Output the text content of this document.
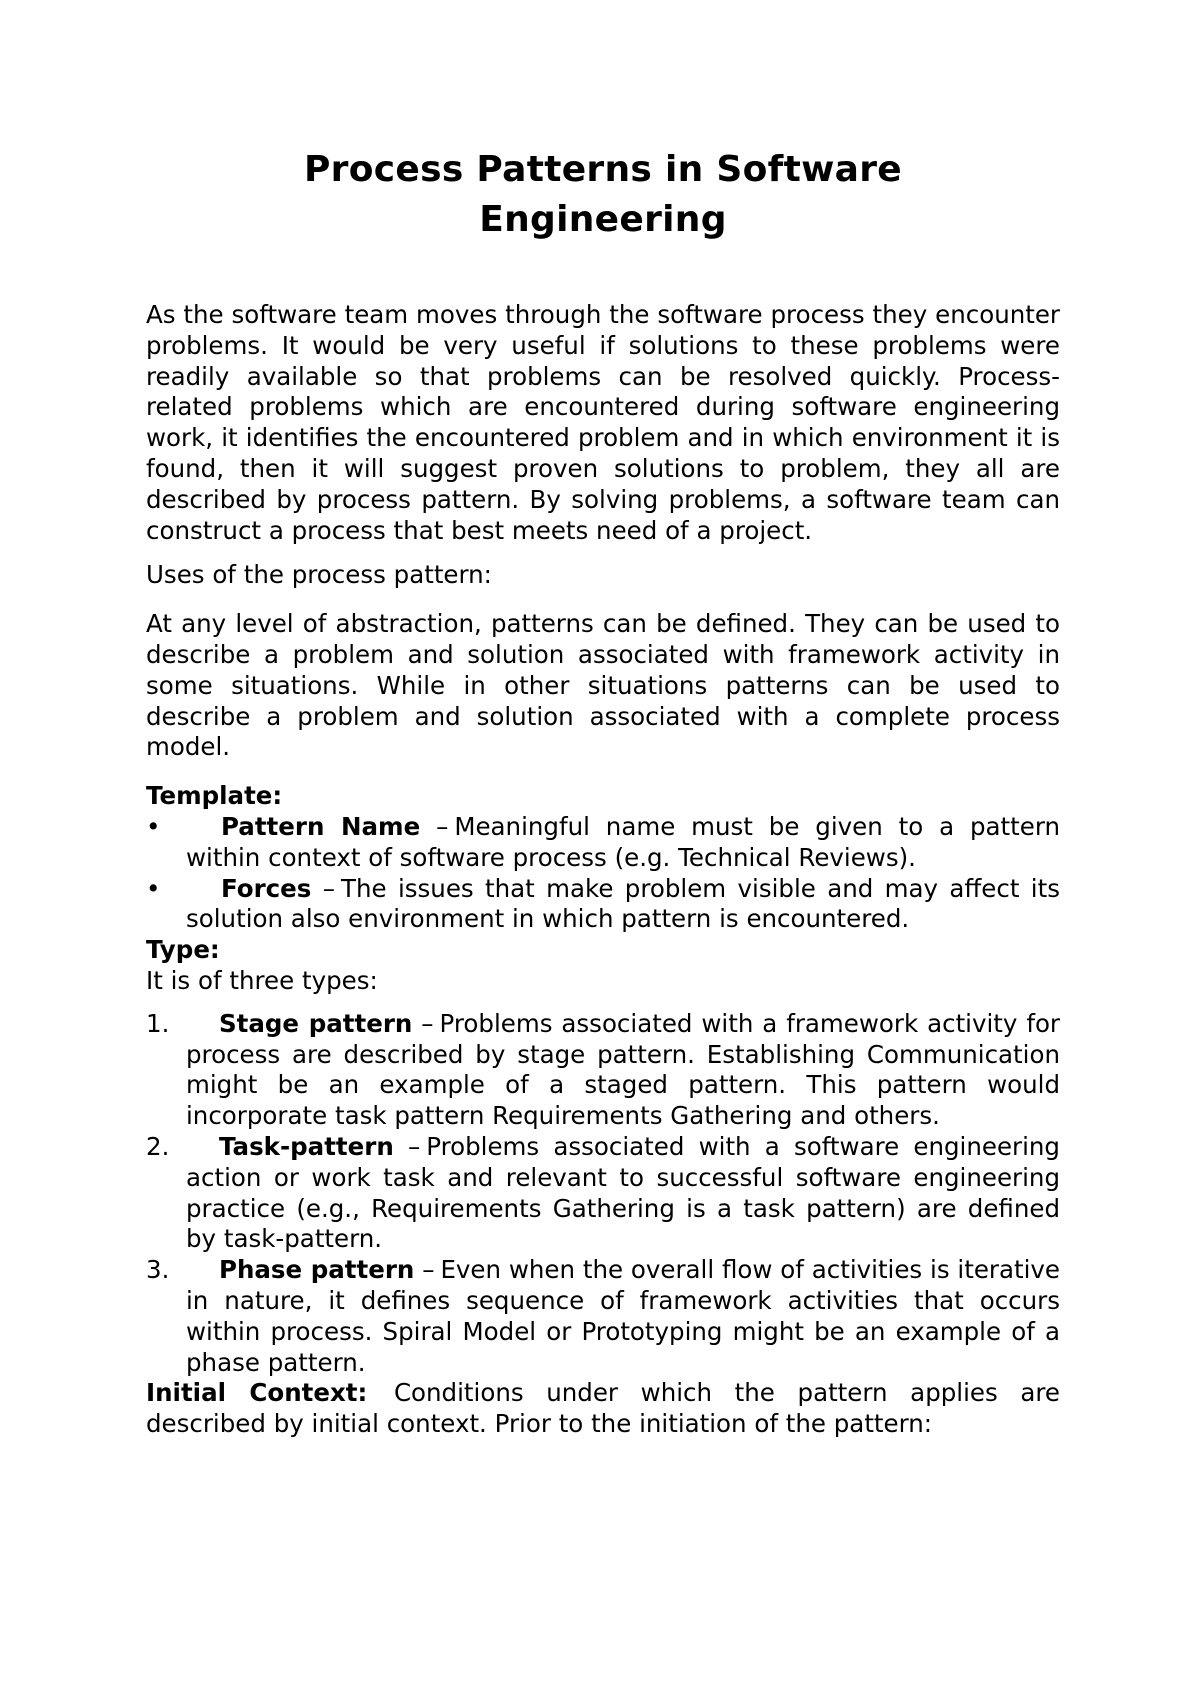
Process Patterns in Software
Engineering

As the software team moves through the software process they encounter problems. It would be very useful if solutions to these problems were readily available so that problems can be resolved quickly. Process-related problems which are encountered during software engineering work, it identifies the encountered problem and in which environment it is found, then it will suggest proven solutions to problem, they all are described by process pattern. By solving problems, a software team can construct a process that best meets need of a project.

Uses of the process pattern:

At any level of abstraction, patterns can be defined. They can be used to describe a problem and solution associated with framework activity in some situations. While in other situations patterns can be used to describe a problem and solution associated with a complete process model.

Template:

• Pattern Name – Meaningful name must be given to a pattern within context of software process (e.g. Technical Reviews).
• Forces – The issues that make problem visible and may affect its solution also environment in which pattern is encountered.

Type:

It is of three types:

1. Stage pattern – Problems associated with a framework activity for process are described by stage pattern. Establishing Communication might be an example of a staged pattern. This pattern would incorporate task pattern Requirements Gathering and others.
2. Task-pattern – Problems associated with a software engineering action or work task and relevant to successful software engineering practice (e.g., Requirements Gathering is a task pattern) are defined by task-pattern.
3. Phase pattern – Even when the overall flow of activities is iterative in nature, it defines sequence of framework activities that occurs within process. Spiral Model or Prototyping might be an example of a phase pattern.

Initial Context: Conditions under which the pattern applies are described by initial context. Prior to the initiation of the pattern:
